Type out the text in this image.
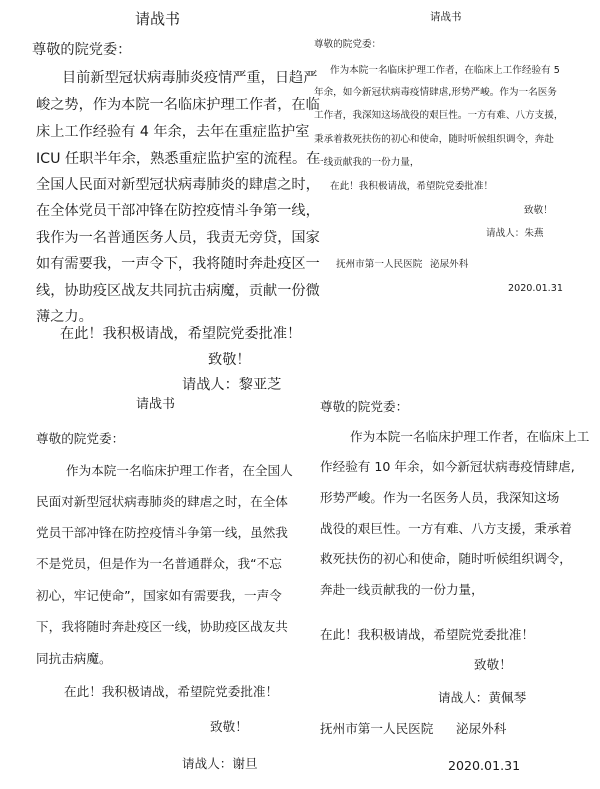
请战书

尊敬的院党委：

目前新型冠状病毒肺炎疫情严重，日趋严

峻之势，作为本院一名临床护理工作者，在临

床上工作经验有 4 年余，去年在重症监护室

ICU 任职半年余，熟悉重症监护室的流程。在

全国人民面对新型冠状病毒肺炎的肆虐之时，

在全体党员干部冲锋在防控疫情斗争第一线，

我作为一名普通医务人员，我责无旁贷，国家

如有需要我，一声令下，我将随时奔赴疫区一

线，协助疫区战友共同抗击病魔，贡献一份微

薄之力。

在此！我积极请战，希望院党委批准！

致敬！

请战人：黎亚芝

请战书

尊敬的院党委：

作为本院一名临床护理工作者，在临床上工作经验有 5

年余，如今新冠状病毒疫情肆虐,形势严峻。作为一名医务

工作者，我深知这场战役的艰巨性。一方有难、八方支援，

秉承着救死扶伤的初心和使命，随时听候组织调令，奔赴

一线贡献我的一份力量，

在此！我积极请战，希望院党委批准！

致敬！

请战人：朱燕

抚州市第一人民医院 泌尿外科

2020.01.31

请战书

尊敬的院党委：

作为本院一名临床护理工作者，在全国人

民面对新型冠状病毒肺炎的肆虐之时，在全体

党员干部冲锋在防控疫情斗争第一线，虽然我

不是党员，但是作为一名普通群众，我“不忘

初心，牢记使命”，国家如有需要我，一声令

下，我将随时奔赴疫区一线，协助疫区战友共

同抗击病魔。

在此！我积极请战，希望院党委批准！

致敬！

请战人：谢旦

尊敬的院党委：

作为本院一名临床护理工作者，在临床上工

作经验有 10 年余，如今新冠状病毒疫情肆虐,

形势严峻。作为一名医务人员，我深知这场

战役的艰巨性。一方有难、八方支援，秉承着

救死扶伤的初心和使命，随时听候组织调令，

奔赴一线贡献我的一份力量，

在此！我积极请战，希望院党委批准！

致敬！

请战人：黄佩琴

抚州市第一人民医院 泌尿外科

2020.01.31
